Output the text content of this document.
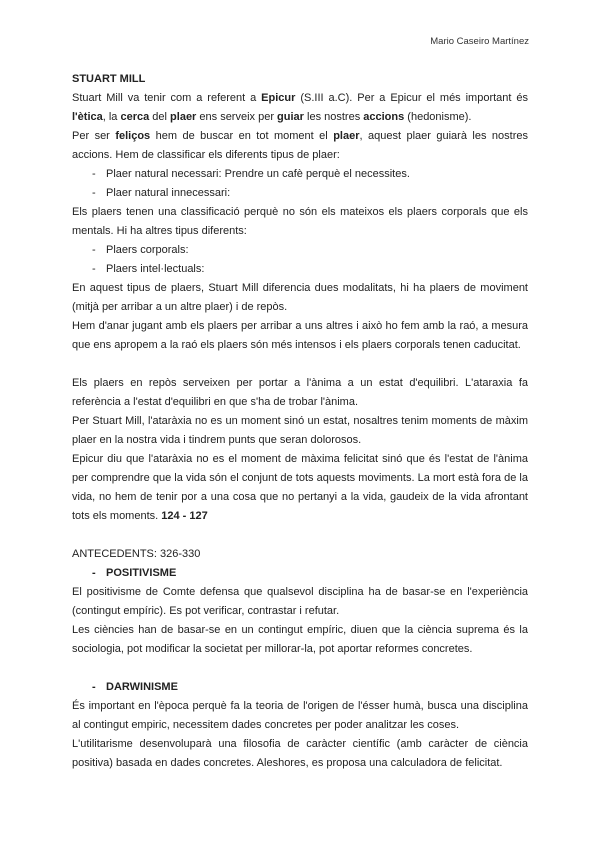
Mario Caseiro Martínez

STUART MILL

Stuart Mill va tenir com a referent a Epicur (S.III a.C). Per a Epicur el més important és l'ètica, la cerca del plaer ens serveix per guiar les nostres accions (hedonisme).

Per ser feliços hem de buscar en tot moment el plaer, aquest plaer guiarà les nostres accions. Hem de classificar els diferents tipus de plaer:

- Plaer natural necessari: Prendre un cafè perquè el necessites.
- Plaer natural innecessari:

Els plaers tenen una classificació perquè no són els mateixos els plaers corporals que els mentals. Hi ha altres tipus diferents:

- Plaers corporals:
- Plaers intel·lectuals:

En aquest tipus de plaers, Stuart Mill diferencia dues modalitats, hi ha plaers de moviment (mitjà per arribar a un altre plaer) i de repòs.

Hem d'anar jugant amb els plaers per arribar a uns altres i això ho fem amb la raó, a mesura que ens apropem a la raó els plaers són més intensos i els plaers corporals tenen caducitat.

Els plaers en repòs serveixen per portar a l'ànima a un estat d'equilibri. L'ataraxia fa referència a l'estat d'equilibri en que s'ha de trobar l'ànima.

Per Stuart Mill, l'ataràxia no es un moment sinó un estat, nosaltres tenim moments de màxim plaer en la nostra vida i tindrem punts que seran dolorosos.

Epicur diu que l'ataràxia no es el moment de màxima felicitat sinó que és l'estat de l'ànima per comprendre que la vida són el conjunt de tots aquests moviments. La mort està fora de la vida, no hem de tenir por a una cosa que no pertanyi a la vida, gaudeix de la vida afrontant tots els moments. 124 - 127

ANTECEDENTS: 326-330

- POSITIVISME

El positivisme de Comte defensa que qualsevol disciplina ha de basar-se en l'experiència (contingut empíric). Es pot verificar, contrastar i refutar.

Les ciències han de basar-se en un contingut empíric, diuen que la ciència suprema és la sociologia, pot modificar la societat per millorar-la, pot aportar reformes concretes.

- DARWINISME

És important en l'època perquè fa la teoria de l'origen de l'ésser humà, busca una disciplina al contingut empiric, necessitem dades concretes per poder analitzar les coses.

L'utilitarisme desenvoluparà una filosofia de caràcter científic (amb caràcter de ciència positiva) basada en dades concretes. Aleshores, es proposa una calculadora de felicitat.
